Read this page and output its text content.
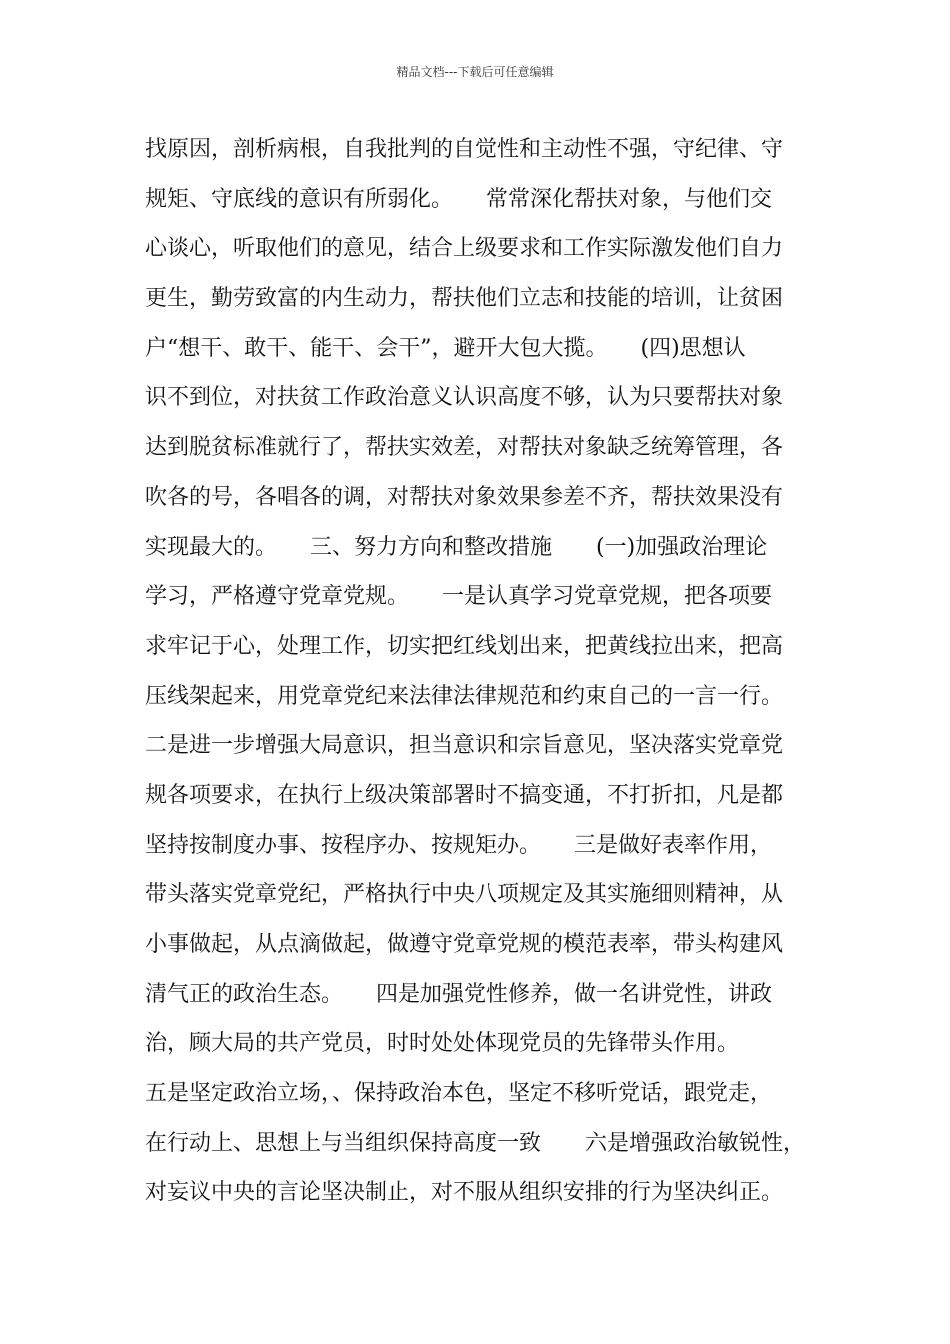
精品文档---下载后可任意编辑
找原因，剖析病根，自我批判的自觉性和主动性不强，守纪律、守
规矩、守底线的意识有所弱化。　　常常深化帮扶对象，与他们交
心谈心，听取他们的意见，结合上级要求和工作实际激发他们自力
更生，勤劳致富的内生动力，帮扶他们立志和技能的培训，让贫困
户“想干、敢干、能干、会干”，避开大包大揽。　　(四)思想认
识不到位，对扶贫工作政治意义认识高度不够，认为只要帮扶对象
达到脱贫标准就行了，帮扶实效差，对帮扶对象缺乏统筹管理，各
吹各的号，各唱各的调，对帮扶对象效果参差不齐，帮扶效果没有
实现最大的。　　三、努力方向和整改措施　　(一)加强政治理论
学习，严格遵守党章党规。　　一是认真学习党章党规，把各项要
求牢记于心，处理工作，切实把红线划出来，把黄线拉出来，把高
压线架起来，用党章党纪来法律法律规范和约束自己的一言一行。
二是进一步增强大局意识，担当意识和宗旨意见，坚决落实党章党
规各项要求，在执行上级决策部署时不搞变通，不打折扣，凡是都
坚持按制度办事、按程序办、按规矩办。　　三是做好表率作用，
带头落实党章党纪，严格执行中央八项规定及其实施细则精神，从
小事做起，从点滴做起，做遵守党章党规的模范表率，带头构建风
清气正的政治生态。　　四是加强党性修养，做一名讲党性，讲政
治，顾大局的共产党员，时时处处体现党员的先锋带头作用。
五是坚定政治立场，、保持政治本色，坚定不移听党话，跟党走，
在行动上、思想上与当组织保持高度一致　　六是增强政治敏锐性，
对妄议中央的言论坚决制止，对不服从组织安排的行为坚决纠正。
